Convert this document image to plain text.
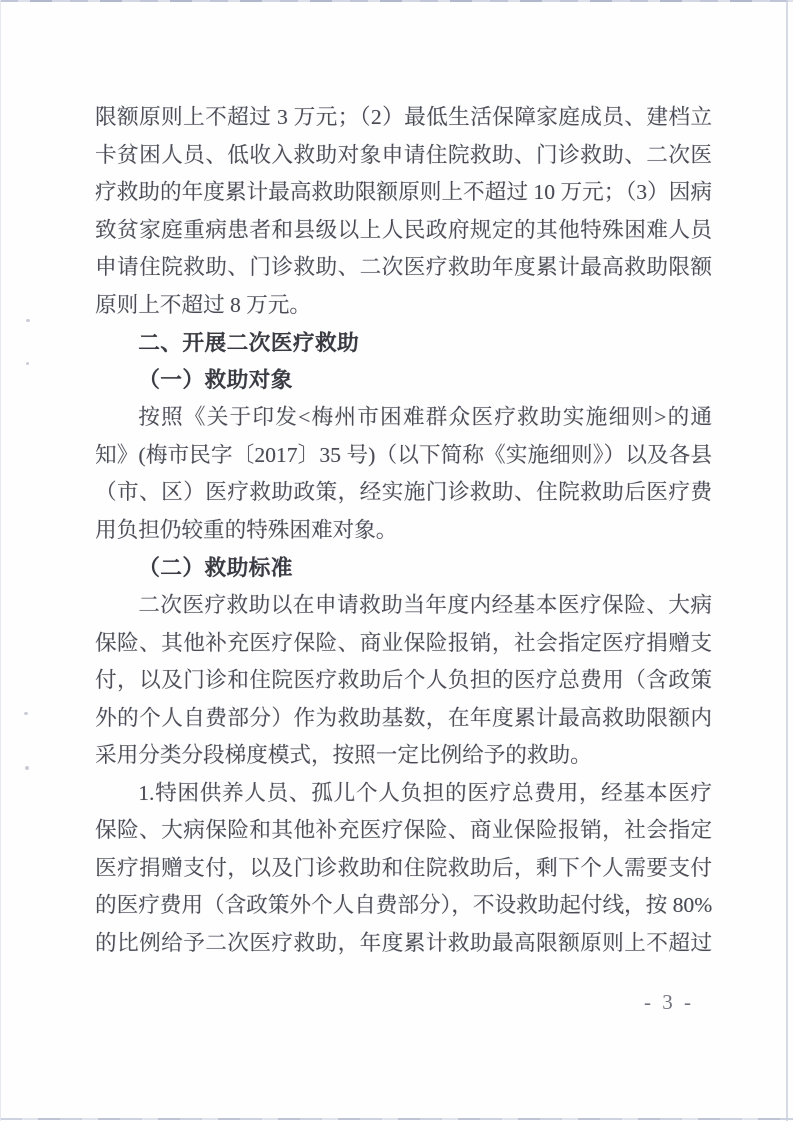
限额原则上不超过 3 万元；（2）最低生活保障家庭成员、建档立
卡贫困人员、低收入救助对象申请住院救助、门诊救助、二次医
疗救助的年度累计最高救助限额原则上不超过 10 万元；（3）因病
致贫家庭重病患者和县级以上人民政府规定的其他特殊困难人员
申请住院救助、门诊救助、二次医疗救助年度累计最高救助限额
原则上不超过 8 万元。
二、开展二次医疗救助
（一）救助对象
按照《关于印发<梅州市困难群众医疗救助实施细则>的通
知》(梅市民字〔2017〕35 号)（以下简称《实施细则》）以及各县
（市、区）医疗救助政策，经实施门诊救助、住院救助后医疗费
用负担仍较重的特殊困难对象。
（二）救助标准
二次医疗救助以在申请救助当年度内经基本医疗保险、大病
保险、其他补充医疗保险、商业保险报销，社会指定医疗捐赠支
付，以及门诊和住院医疗救助后个人负担的医疗总费用（含政策
外的个人自费部分）作为救助基数，在年度累计最高救助限额内
采用分类分段梯度模式，按照一定比例给予的救助。
1.特困供养人员、孤儿个人负担的医疗总费用，经基本医疗
保险、大病保险和其他补充医疗保险、商业保险报销，社会指定
医疗捐赠支付，以及门诊救助和住院救助后，剩下个人需要支付
的医疗费用（含政策外个人自费部分），不设救助起付线，按 80%
的比例给予二次医疗救助，年度累计救助最高限额原则上不超过
- 3 -
